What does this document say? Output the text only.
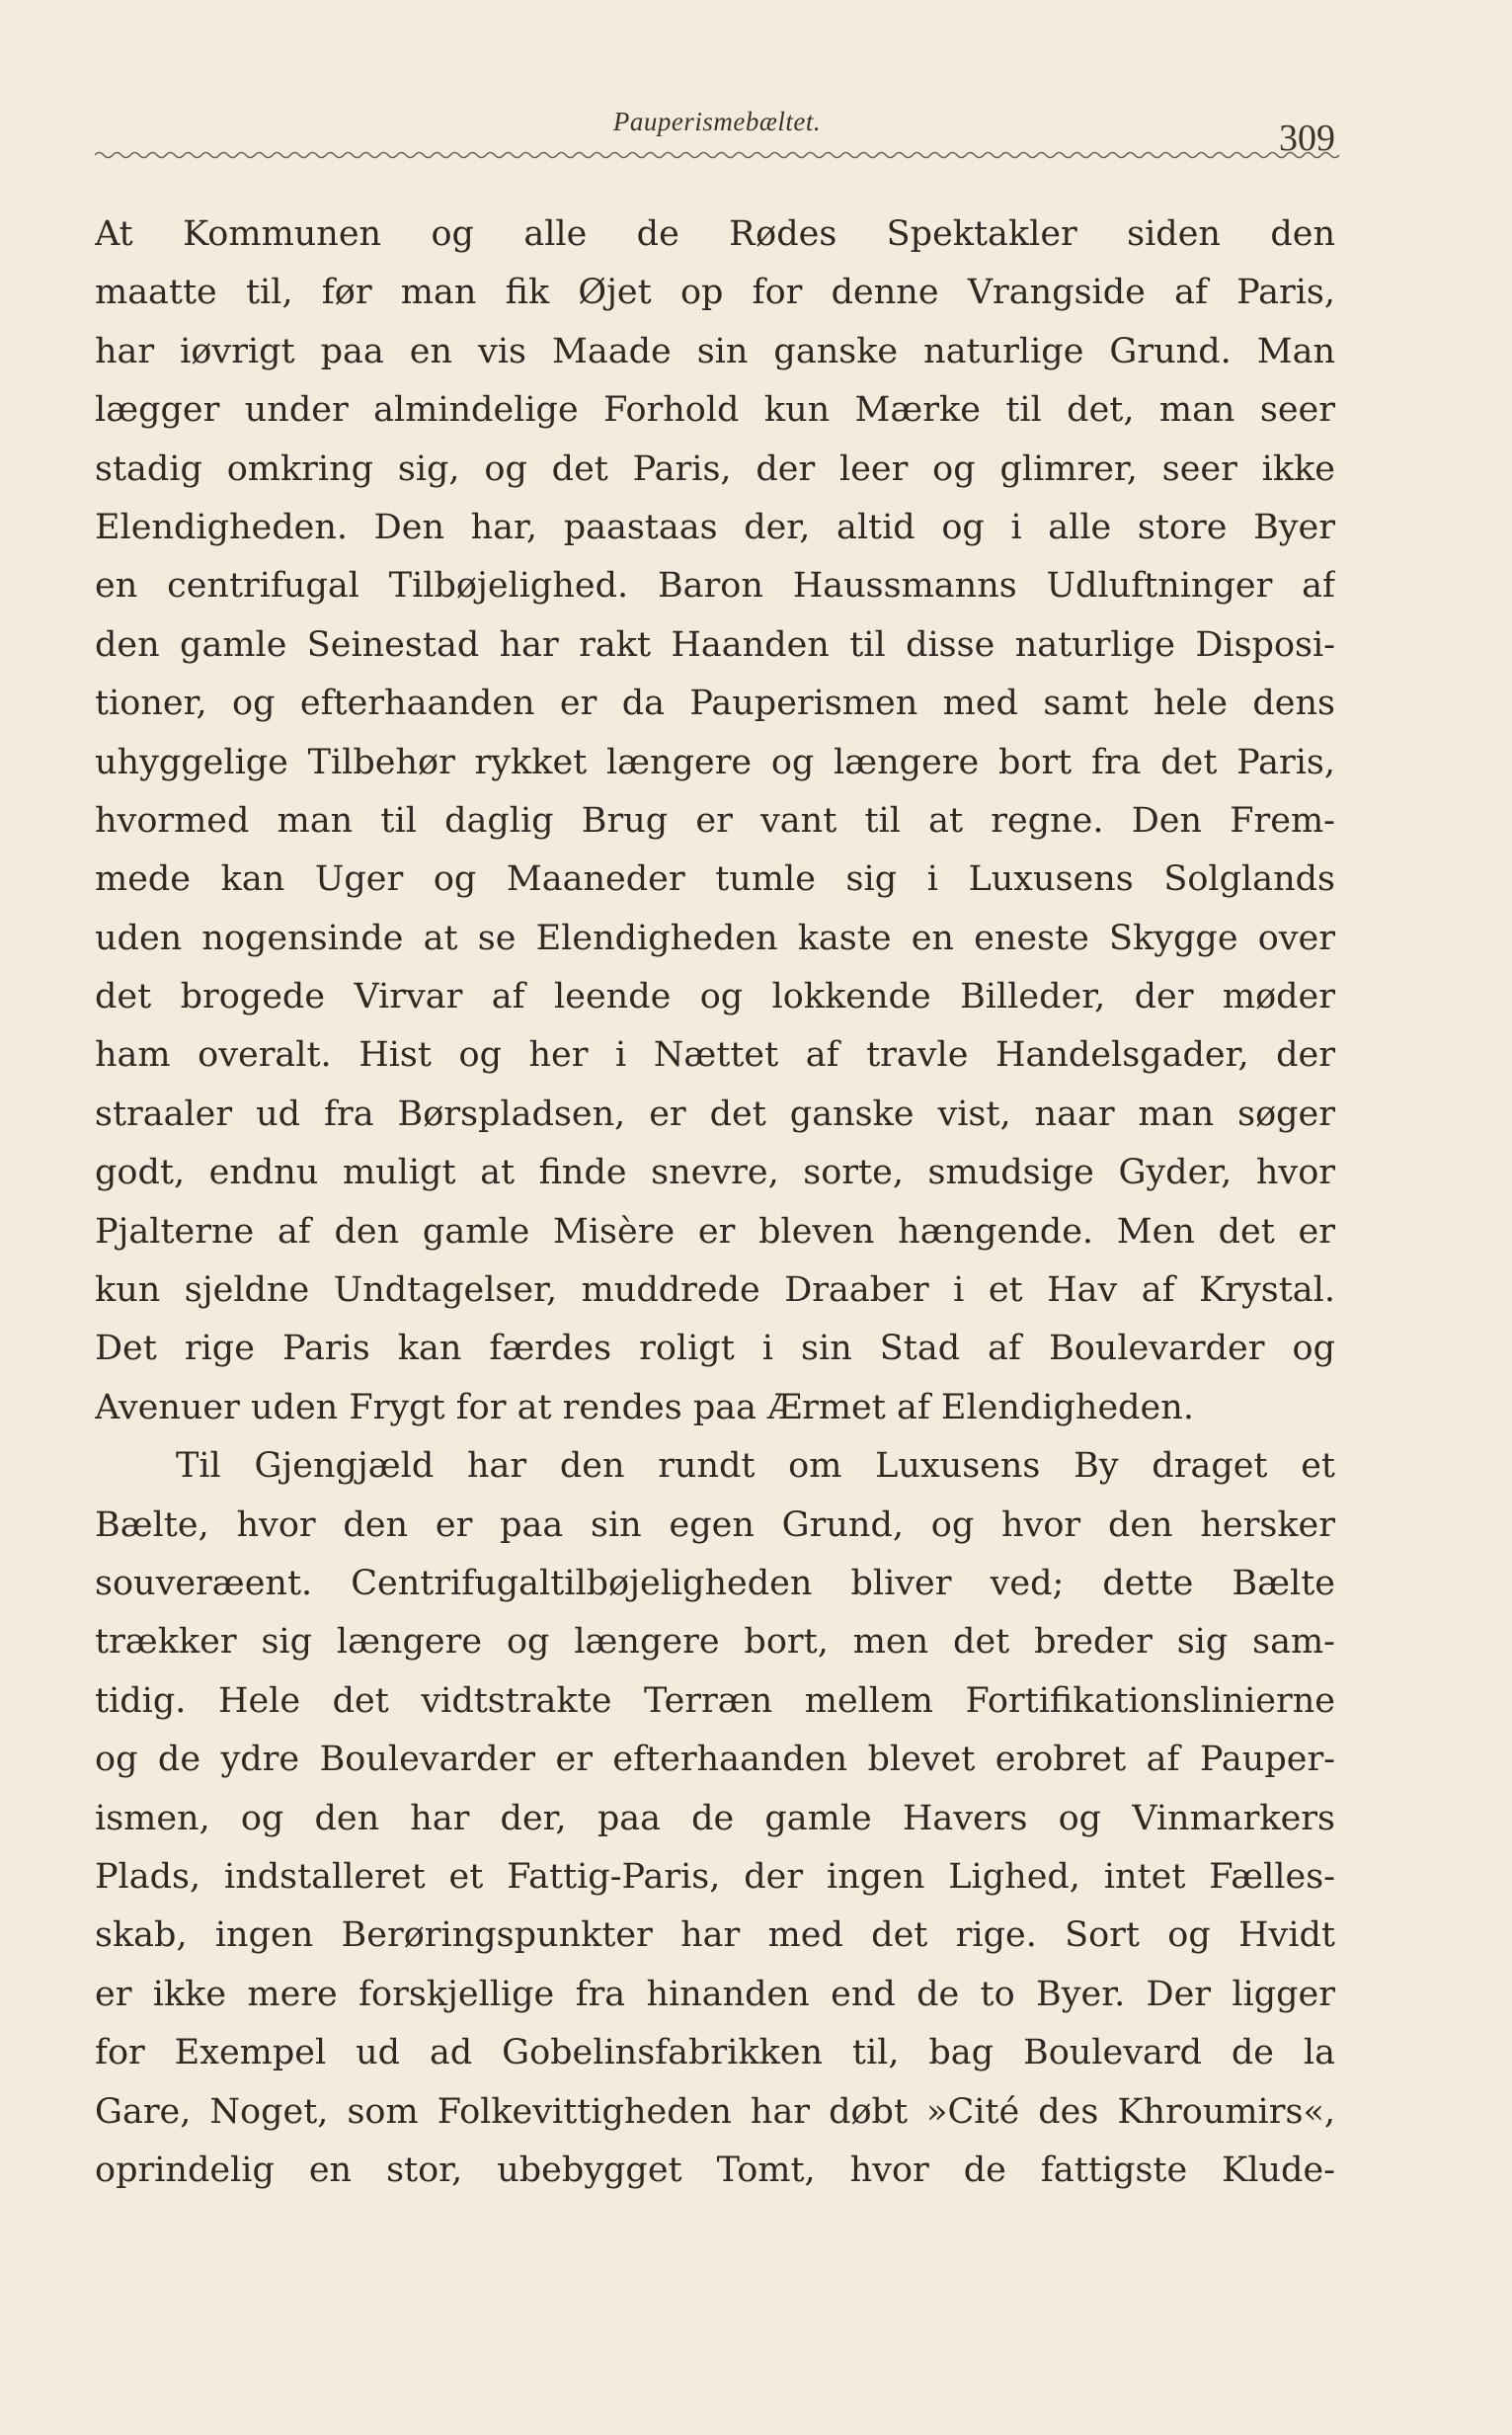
Pauperismebæltet.	309
At Kommunen og alle de Rødes Spektakler siden den
maatte til, før man fik Øjet op for denne Vrangside af Paris,
har iøvrigt paa en vis Maade sin ganske naturlige Grund. Man
lægger under almindelige Forhold kun Mærke til det, man seer
stadig omkring sig, og det Paris, der leer og glimrer, seer ikke
Elendigheden. Den har, paastaas der, altid og i alle store Byer
en centrifugal Tilbøjelighed. Baron Haussmanns Udluftninger af
den gamle Seinestad har rakt Haanden til disse naturlige Disposi-
tioner, og efterhaanden er da Pauperismen med samt hele dens
uhyggelige Tilbehør rykket længere og længere bort fra det Paris,
hvormed man til daglig Brug er vant til at regne. Den Frem-
mede kan Uger og Maaneder tumle sig i Luxusens Solglands
uden nogensinde at se Elendigheden kaste en eneste Skygge over
det brogede Virvar af leende og lokkende Billeder, der møder
ham overalt. Hist og her i Nættet af travle Handelsgader, der
straaler ud fra Børspladsen, er det ganske vist, naar man søger
godt, endnu muligt at finde snevre, sorte, smudsige Gyder, hvor
Pjalterne af den gamle Misère er bleven hængende. Men det er
kun sjeldne Undtagelser, muddrede Draaber i et Hav af Krystal.
Det rige Paris kan færdes roligt i sin Stad af Boulevarder og
Avenuer uden Frygt for at rendes paa Ærmet af Elendigheden.
Til Gjengjæld har den rundt om Luxusens By draget et
Bælte, hvor den er paa sin egen Grund, og hvor den hersker
souveræent. Centrifugaltilbøjeligheden bliver ved; dette Bælte
trækker sig længere og længere bort, men det breder sig sam-
tidig. Hele det vidtstrakte Terræn mellem Fortifikationslinierne
og de ydre Boulevarder er efterhaanden blevet erobret af Pauper-
ismen, og den har der, paa de gamle Havers og Vinmarkers
Plads, indstalleret et Fattig-Paris, der ingen Lighed, intet Fælles-
skab, ingen Berøringspunkter har med det rige. Sort og Hvidt
er ikke mere forskjellige fra hinanden end de to Byer. Der ligger
for Exempel ud ad Gobelinsfabrikken til, bag Boulevard de la
Gare, Noget, som Folkevittigheden har døbt »Cité des Khroumirs«,
oprindelig en stor, ubebygget Tomt, hvor de fattigste Klude-
